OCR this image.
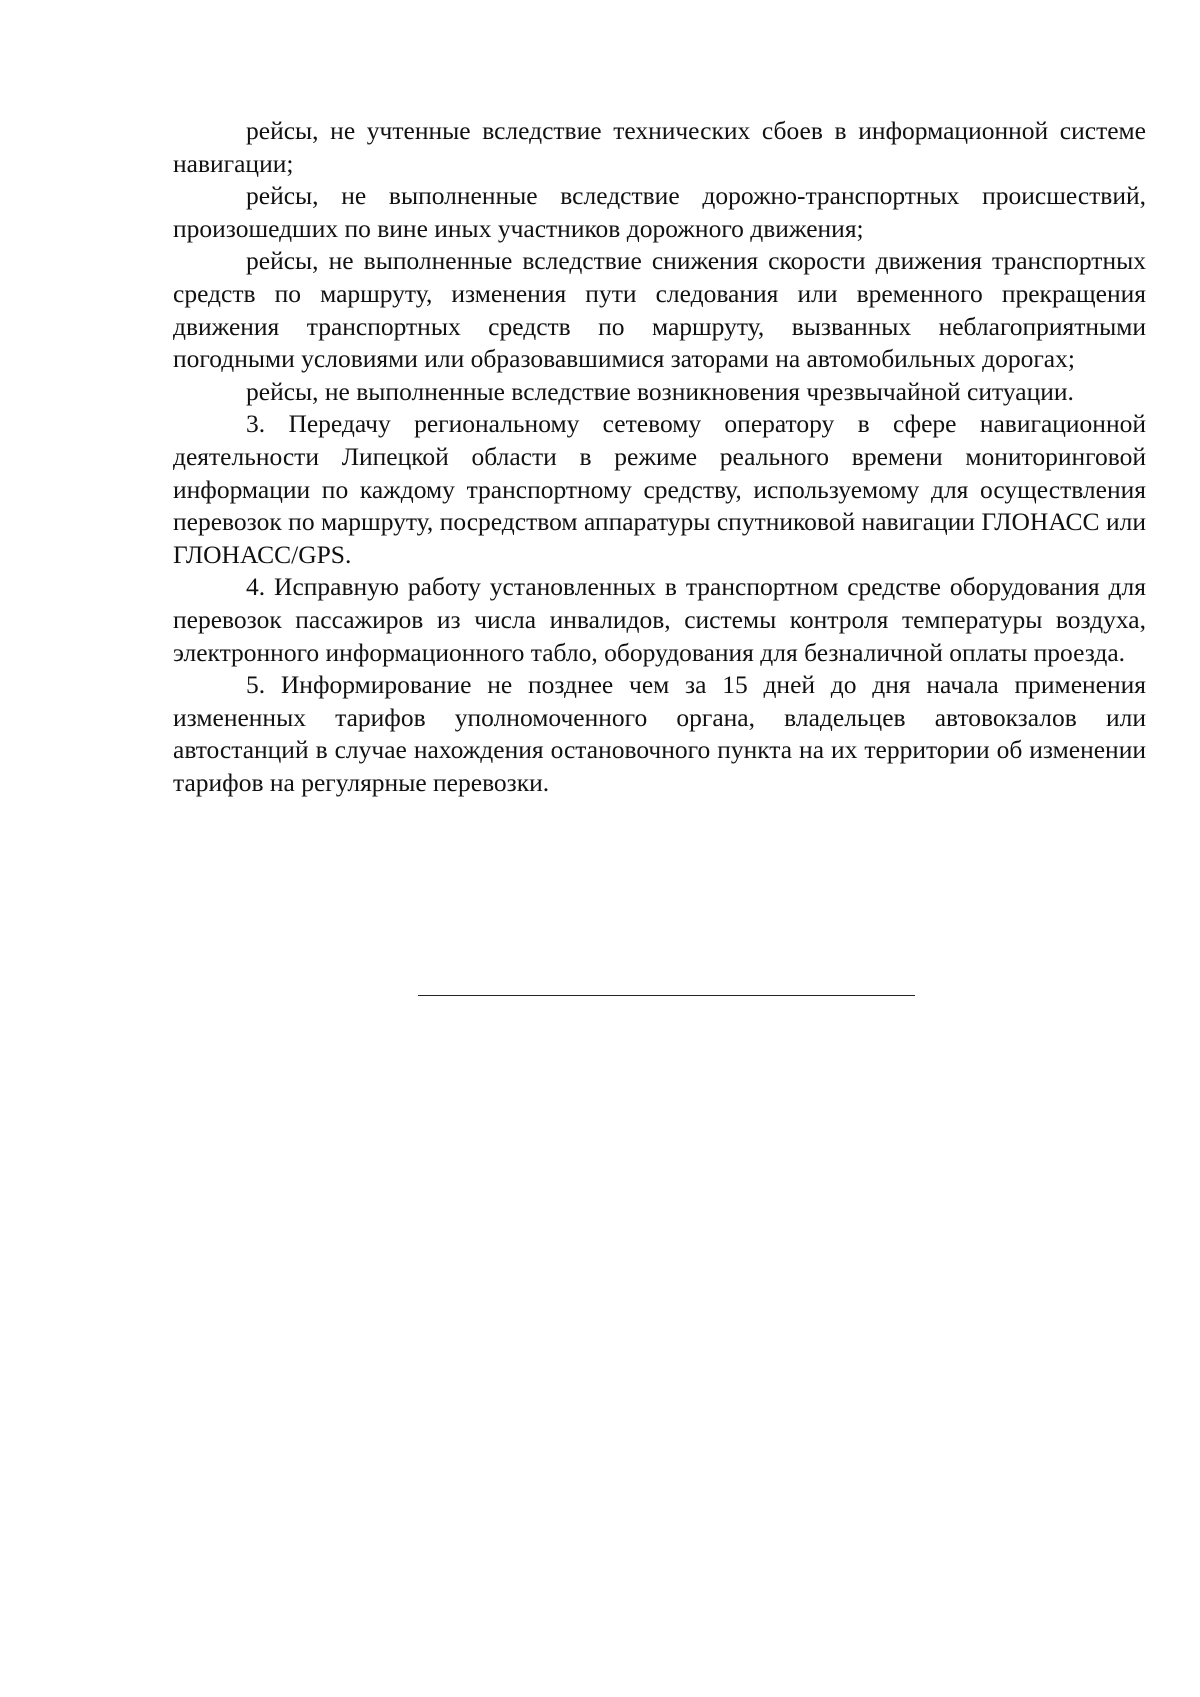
рейсы, не учтенные вследствие технических сбоев в информационной системе навигации;

рейсы, не выполненные вследствие дорожно-транспортных происшествий, произошедших по вине иных участников дорожного движения;

рейсы, не выполненные вследствие снижения скорости движения транспортных средств по маршруту, изменения пути следования или временного прекращения движения транспортных средств по маршруту, вызванных неблагоприятными погодными условиями или образовавшимися заторами на автомобильных дорогах;

рейсы, не выполненные вследствие возникновения чрезвычайной ситуации.

3. Передачу региональному сетевому оператору в сфере навигационной деятельности Липецкой области в режиме реального времени мониторинговой информации по каждому транспортному средству, используемому для осуществления перевозок по маршруту, посредством аппаратуры спутниковой навигации ГЛОНАСС или ГЛОНАСС/GPS.

4. Исправную работу установленных в транспортном средстве оборудования для перевозок пассажиров из числа инвалидов, системы контроля температуры воздуха, электронного информационного табло, оборудования для безналичной оплаты проезда.

5. Информирование не позднее чем за 15 дней до дня начала применения измененных тарифов уполномоченного органа, владельцев автовокзалов или автостанций в случае нахождения остановочного пункта на их территории об изменении тарифов на регулярные перевозки.
